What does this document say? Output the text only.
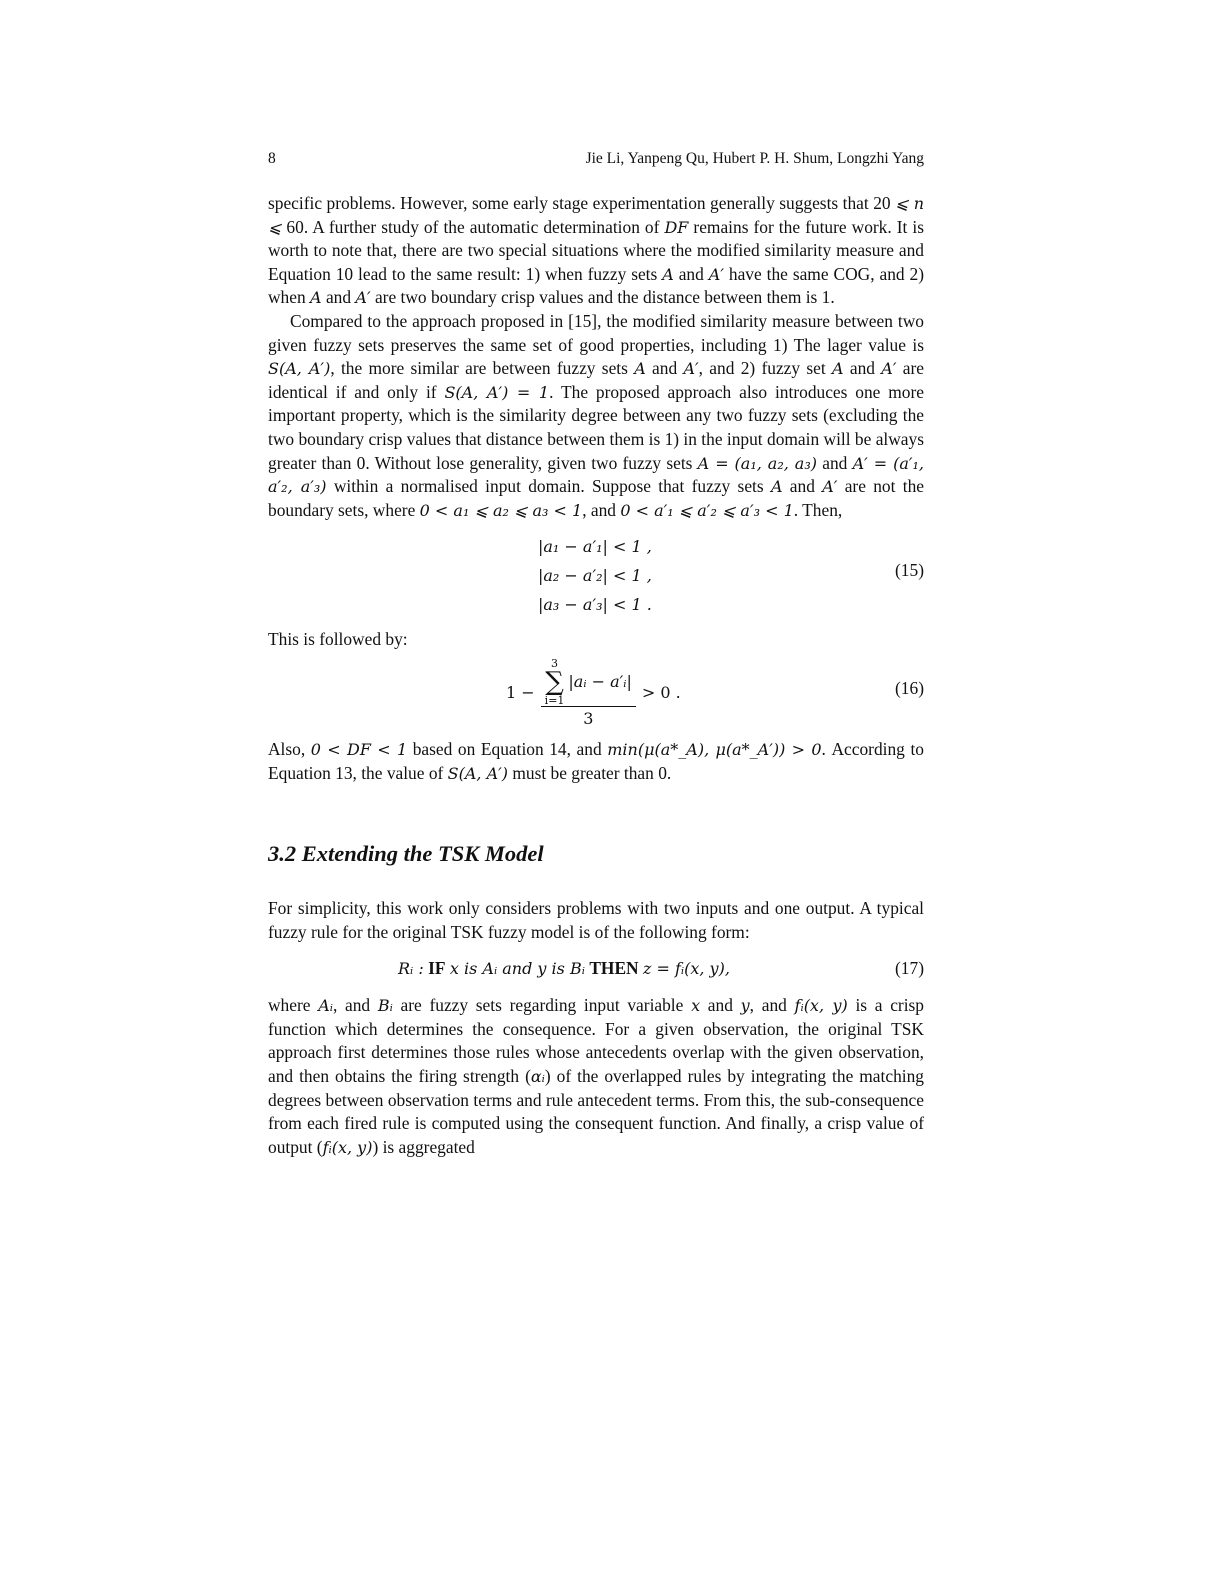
8	Jie Li, Yanpeng Qu, Hubert P. H. Shum, Longzhi Yang

specific problems. However, some early stage experimentation generally suggests that 20 ⩽ n ⩽ 60. A further study of the automatic determination of DF remains for the future work. It is worth to note that, there are two special situations where the modified similarity measure and Equation 10 lead to the same result: 1) when fuzzy sets A and A′ have the same COG, and 2) when A and A′ are two boundary crisp values and the distance between them is 1.

Compared to the approach proposed in [15], the modified similarity measure between two given fuzzy sets preserves the same set of good properties, including 1) The lager value is S(A, A′), the more similar are between fuzzy sets A and A′, and 2) fuzzy set A and A′ are identical if and only if S(A, A′) = 1. The proposed approach also introduces one more important property, which is the similarity degree between any two fuzzy sets (excluding the two boundary crisp values that distance between them is 1) in the input domain will be always greater than 0. Without lose generality, given two fuzzy sets A = (a₁, a₂, a₃) and A′ = (a′₁, a′₂, a′₃) within a normalised input domain. Suppose that fuzzy sets A and A′ are not the boundary sets, where 0 < a₁ ⩽ a₂ ⩽ a₃ < 1, and 0 < a′₁ ⩽ a′₂ ⩽ a′₃ < 1. Then,

|a₁ − a′₁| < 1 ,
|a₂ − a′₂| < 1 ,
|a₃ − a′₃| < 1 .
(15)

This is followed by:

1 −
3
∑
i=1
|aᵢ − a′ᵢ|
3
> 0 .	(16)

Also, 0 < DF < 1 based on Equation 14, and min(μ(a*_A), μ(a*_A′)) > 0. According to Equation 13, the value of S(A, A′) must be greater than 0.

3.2 Extending the TSK Model

For simplicity, this work only considers problems with two inputs and one output. A typical fuzzy rule for the original TSK fuzzy model is of the following form:

Rᵢ : IF x is Aᵢ and y is Bᵢ THEN z = fᵢ(x, y),	(17)

where Aᵢ, and Bᵢ are fuzzy sets regarding input variable x and y, and fᵢ(x, y) is a crisp function which determines the consequence. For a given observation, the original TSK approach first determines those rules whose antecedents overlap with the given observation, and then obtains the firing strength (αᵢ) of the overlapped rules by integrating the matching degrees between observation terms and rule antecedent terms. From this, the sub-consequence from each fired rule is computed using the consequent function. And finally, a crisp value of output (fᵢ(x, y)) is aggregated
